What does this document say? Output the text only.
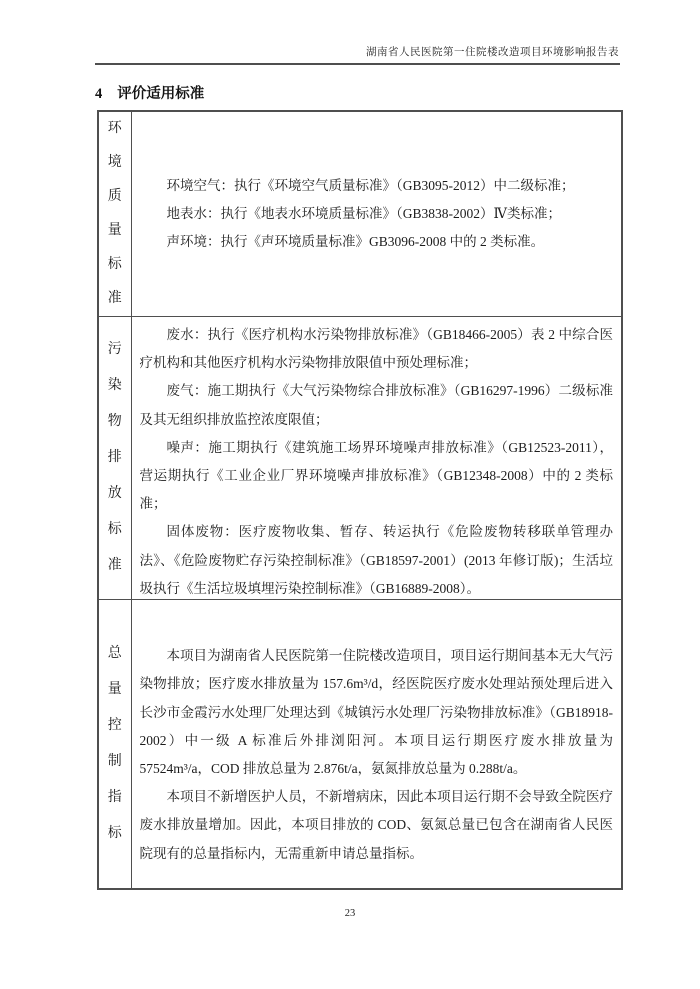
湖南省人民医院第一住院楼改造项目环境影响报告表
4 评价适用标准
环境质量标准

环境空气：执行《环境空气质量标准》（GB3095-2012）中二级标准；

地表水：执行《地表水环境质量标准》（GB3838-2002）Ⅳ类标准；

声环境：执行《声环境质量标准》GB3096-2008 中的 2 类标准。

污染物排放标准

废水：执行《医疗机构水污染物排放标准》（GB18466-2005）表 2 中综合医疗机构和其他医疗机构水污染物排放限值中预处理标准；

废气：施工期执行《大气污染物综合排放标准》（GB16297-1996）二级标准及其无组织排放监控浓度限值；

噪声：施工期执行《建筑施工场界环境噪声排放标准》（GB12523-2011），营运期执行《工业企业厂界环境噪声排放标准》（GB12348-2008）中的 2 类标准；

固体废物：医疗废物收集、暂存、转运执行《危险废物转移联单管理办法》、《危险废物贮存污染控制标准》（GB18597-2001）(2013 年修订版)；生活垃圾执行《生活垃圾填埋污染控制标准》（GB16889-2008）。

总量控制指标

本项目为湖南省人民医院第一住院楼改造项目，项目运行期间基本无大气污染物排放；医疗废水排放量为 157.6m³/d，经医院医疗废水处理站预处理后进入长沙市金霞污水处理厂处理达到《城镇污水处理厂污染物排放标准》（GB18918-2002）中一级 A 标准后外排浏阳河。本项目运行期医疗废水排放量为 57524m³/a，COD 排放总量为 2.876t/a，氨氮排放总量为 0.288t/a。

本项目不新增医护人员，不新增病床，因此本项目运行期不会导致全院医疗废水排放量增加。因此，本项目排放的 COD、氨氮总量已包含在湖南省人民医院现有的总量指标内，无需重新申请总量指标。

23
